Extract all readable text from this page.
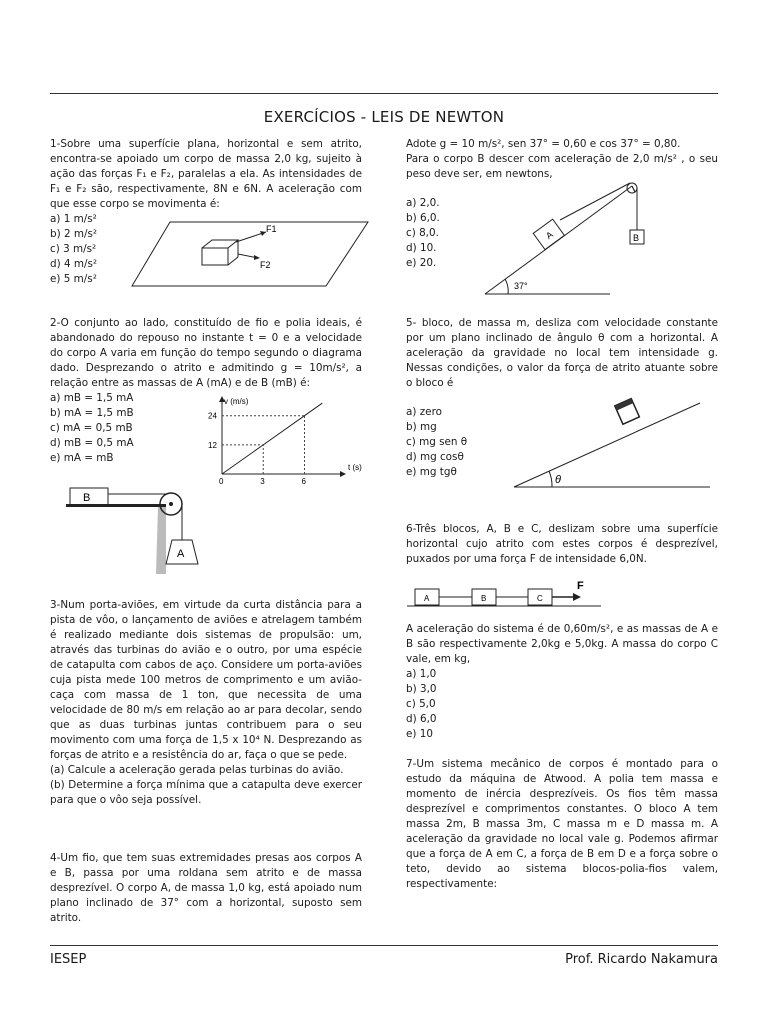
EXERCÍCIOS - LEIS DE NEWTON

1-Sobre uma superfície plana, horizontal e sem atrito, encontra-se apoiado um corpo de massa 2,0 kg, sujeito à ação das forças F₁ e F₂, paralelas a ela. As intensidades de F₁ e F₂ são, respectivamente, 8N e 6N. A aceleração com que esse corpo se movimenta é:

a) 1 m/s²
b) 2 m/s²
c) 3 m/s²
d) 4 m/s²
e) 5 m/s²
F1
F2

2-O conjunto ao lado, constituído de fio e polia ideais, é abandonado do repouso no instante t = 0 e a velocidade do corpo A varia em função do tempo segundo o diagrama dado. Desprezando o atrito e admitindo g = 10m/s², a relação entre as massas de A (mA) e de B (mB) é:

a) mB = 1,5 mA
b) mA = 1,5 mB
c) mA = 0,5 mB
d) mB = 0,5 mA
e) mA = mB
v (m/s)
t (s)
0	3	6
12
24
B
A

3-Num porta-aviões, em virtude da curta distância para a pista de vôo, o lançamento de aviões e atrelagem também é realizado mediante dois sistemas de propulsão: um, através das turbinas do avião e o outro, por uma espécie de catapulta com cabos de aço. Considere um porta-aviões cuja pista mede 100 metros de comprimento e um avião-caça com massa de 1 ton, que necessita de uma velocidade de 80 m/s em relação ao ar para decolar, sendo que as duas turbinas juntas contribuem para o seu movimento com uma força de 1,5 x 10⁴ N. Desprezando as forças de atrito e a resistência do ar, faça o que se pede.

(a) Calcule a aceleração gerada pelas turbinas do avião.

(b) Determine a força mínima que a catapulta deve exercer para que o vôo seja possível.

4-Um fio, que tem suas extremidades presas aos corpos A e B, passa por uma roldana sem atrito e de massa desprezível. O corpo A, de massa 1,0 kg, está apoiado num plano inclinado de 37° com a horizontal, suposto sem atrito.

Adote g = 10 m/s², sen 37° = 0,60 e cos 37° = 0,80.

Para o corpo B descer com aceleração de 2,0 m/s² , o seu peso deve ser, em newtons,

a) 2,0.
b) 6,0.
c) 8,0.
d) 10.
e) 20.
A	B
37°

5- bloco, de massa m, desliza com velocidade constante por um plano inclinado de ângulo θ com a horizontal. A aceleração da gravidade no local tem intensidade g. Nessas condições, o valor da força de atrito atuante sobre o bloco é

a) zero
b) mg
c) mg sen θ
d) mg cosθ
e) mg tgθ
θ

6-Três blocos, A, B e C, deslizam sobre uma superfície horizontal cujo atrito com estes corpos é desprezível, puxados por uma força F de intensidade 6,0N.

A	B	C
F

A aceleração do sistema é de 0,60m/s², e as massas de A e B são respectivamente 2,0kg e 5,0kg. A massa do corpo C vale, em kg,

a) 1,0
b) 3,0
c) 5,0
d) 6,0
e) 10

7-Um sistema mecânico de corpos é montado para o estudo da máquina de Atwood. A polia tem massa e momento de inércia desprezíveis. Os fios têm massa desprezível e comprimentos constantes. O bloco A tem massa 2m, B massa 3m, C massa m e D massa m. A aceleração da gravidade no local vale g. Podemos afirmar que a força de A em C, a força de B em D e a força sobre o teto, devido ao sistema blocos-polia-fios valem, respectivamente:

IESEP	Prof. Ricardo Nakamura
